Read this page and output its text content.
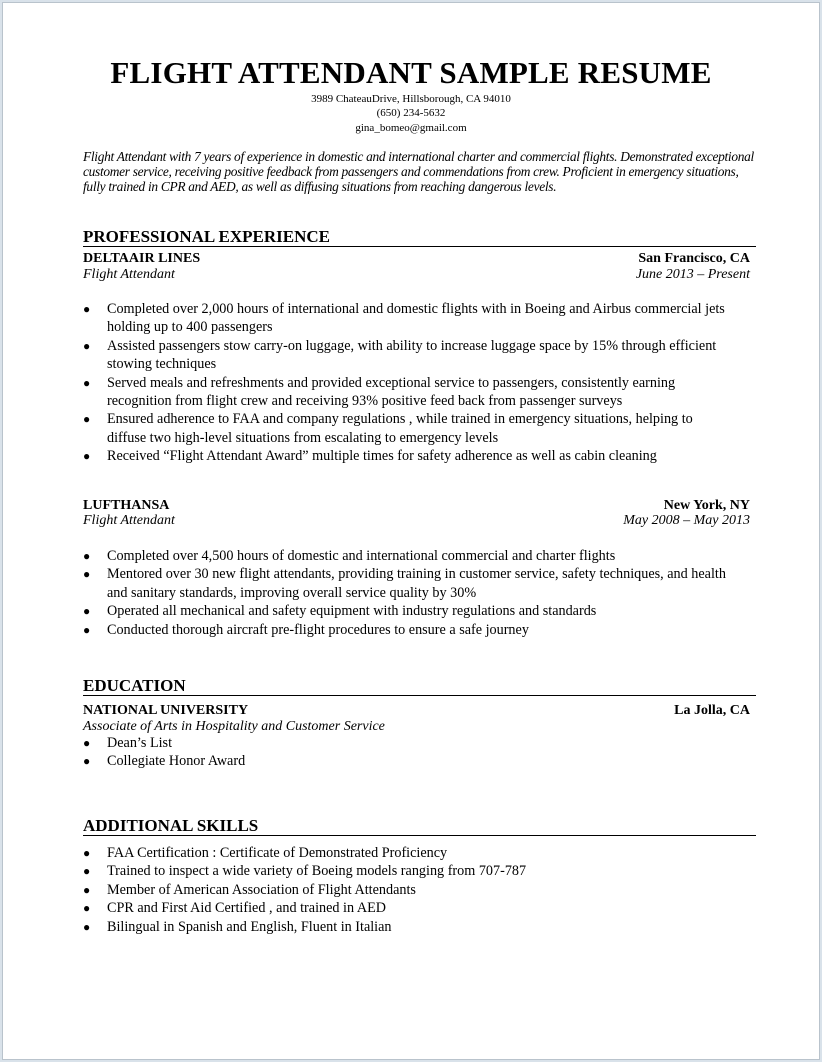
FLIGHT ATTENDANT SAMPLE RESUME
3989 ChateauDrive, Hillsborough, CA 94010
(650) 234-5632
gina_bomeo@gmail.com
Flight Attendant with 7 years of experience in domestic and international charter and commercial flights. Demonstrated exceptional customer service, receiving positive feedback from passengers and commendations from crew. Proficient in emergency situations, fully trained in CPR and AED, as well as diffusing situations from reaching dangerous levels.
PROFESSIONAL EXPERIENCE
DELTAAIR LINES	San Francisco, CA
Flight Attendant	June 2013 – Present
● Completed over 2,000 hours of international and domestic flights with in Boeing and Airbus commercial jets holding up to 400 passengers
● Assisted passengers stow carry-on luggage, with ability to increase luggage space by 15% through efficient stowing techniques
● Served meals and refreshments and provided exceptional service to passengers, consistently earning recognition from flight crew and receiving 93% positive feed back from passenger surveys
● Ensured adherence to FAA and company regulations , while trained in emergency situations, helping to diffuse two high-level situations from escalating to emergency levels
● Received “Flight Attendant Award” multiple times for safety adherence as well as cabin cleaning
LUFTHANSA	New York, NY
Flight Attendant	May 2008 – May 2013
● Completed over 4,500 hours of domestic and international commercial and charter flights
● Mentored over 30 new flight attendants, providing training in customer service, safety techniques, and health and sanitary standards, improving overall service quality by 30%
● Operated all mechanical and safety equipment with industry regulations and standards
● Conducted thorough aircraft pre-flight procedures to ensure a safe journey
EDUCATION
NATIONAL UNIVERSITY	La Jolla, CA
Associate of Arts in Hospitality and Customer Service
● Dean’s List
● Collegiate Honor Award
ADDITIONAL SKILLS
● FAA Certification : Certificate of Demonstrated Proficiency
● Trained to inspect a wide variety of Boeing models ranging from 707-787
● Member of American Association of Flight Attendants
● CPR and First Aid Certified , and trained in AED
● Bilingual in Spanish and English, Fluent in Italian
